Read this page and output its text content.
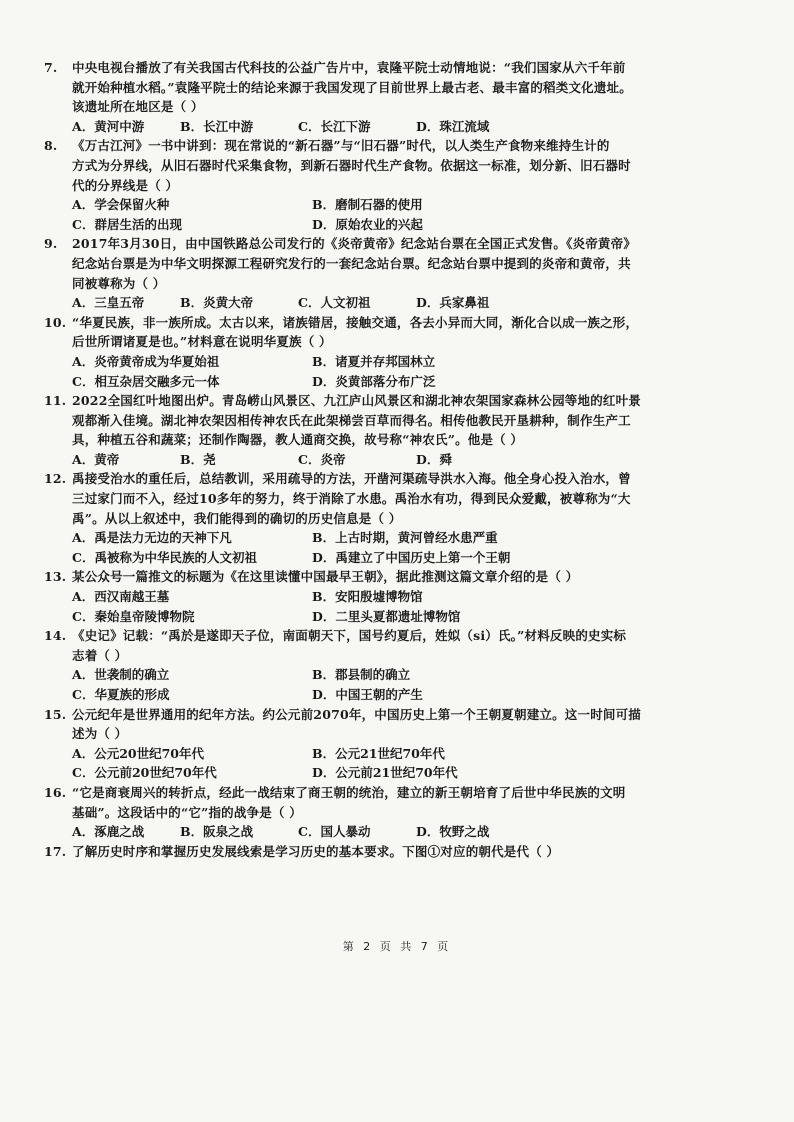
7. 中央电视台播放了有关我国古代科技的公益广告片中，袁隆平院士动情地说：“我们国家从六千年前
就开始种植水稻。”袁隆平院士的结论来源于我国发现了目前世界上最古老、最丰富的稻类文化遗址。
该遗址所在地区是（ ）
A．黄河中游	B．长江中游	C．长江下游	D．珠江流域
8. 《万古江河》一书中讲到：现在常说的“新石器”与“旧石器”时代，以人类生产食物来维持生计的
方式为分界线，从旧石器时代采集食物，到新石器时代生产食物。依据这一标准，划分新、旧石器时
代的分界线是（ ）
A．学会保留火种	B．磨制石器的使用
C．群居生活的出现	D．原始农业的兴起
9. 2017年3月30日，由中国铁路总公司发行的《炎帝黄帝》纪念站台票在全国正式发售。《炎帝黄帝》
纪念站台票是为中华文明探源工程研究发行的一套纪念站台票。纪念站台票中提到的炎帝和黄帝，共
同被尊称为（ ）
A．三皇五帝	B．炎黄大帝	C．人文初祖	D．兵家鼻祖
10. “华夏民族，非一族所成。太古以来，诸族错居，接触交通，各去小异而大同，渐化合以成一族之形，
后世所谓诸夏是也。”材料意在说明华夏族（ ）
A．炎帝黄帝成为华夏始祖	B．诸夏并存邦国林立
C．相互杂居交融多元一体	D．炎黄部落分布广泛
11. 2022全国红叶地图出炉。青岛崂山风景区、九江庐山风景区和湖北神农架国家森林公园等地的红叶景
观都渐入佳境。湖北神农架因相传神农氏在此架梯尝百草而得名。相传他教民开垦耕种，制作生产工
具，种植五谷和蔬菜；还制作陶器，教人通商交换，故号称“神农氏”。他是（ ）
A．黄帝	B．尧	C．炎帝	D．舜
12. 禹接受治水的重任后，总结教训，采用疏导的方法，开凿河渠疏导洪水入海。他全身心投入治水，曾
三过家门而不入，经过10多年的努力，终于消除了水患。禹治水有功，得到民众爱戴，被尊称为“大
禹”。从以上叙述中，我们能得到的确切的历史信息是（ ）
A．禹是法力无边的天神下凡	B．上古时期，黄河曾经水患严重
C．禹被称为中华民族的人文初祖	D．禹建立了中国历史上第一个王朝
13. 某公众号一篇推文的标题为《在这里读懂中国最早王朝》，据此推测这篇文章介绍的是（ ）
A．西汉南越王墓	B．安阳殷墟博物馆
C．秦始皇帝陵博物院	D．二里头夏都遗址博物馆
14. 《史记》记载：“禹於是遂即天子位，南面朝天下，国号约夏后，姓姒（si）氏。”材料反映的史实标
志着（ ）
A．世袭制的确立	B．郡县制的确立
C．华夏族的形成	D．中国王朝的产生
15. 公元纪年是世界通用的纪年方法。约公元前2070年，中国历史上第一个王朝夏朝建立。这一时间可描
述为（ ）
A．公元20世纪70年代	B．公元21世纪70年代
C．公元前20世纪70年代	D．公元前21世纪70年代
16. “它是商衰周兴的转折点，经此一战结束了商王朝的统治，建立的新王朝培育了后世中华民族的文明
基础”。这段话中的“它”指的战争是（ ）
A．涿鹿之战	B．阪泉之战	C．国人暴动	D．牧野之战
17. 了解历史时序和掌握历史发展线索是学习历史的基本要求。下图①对应的朝代是代（ ）
第 2 页 共 7 页
